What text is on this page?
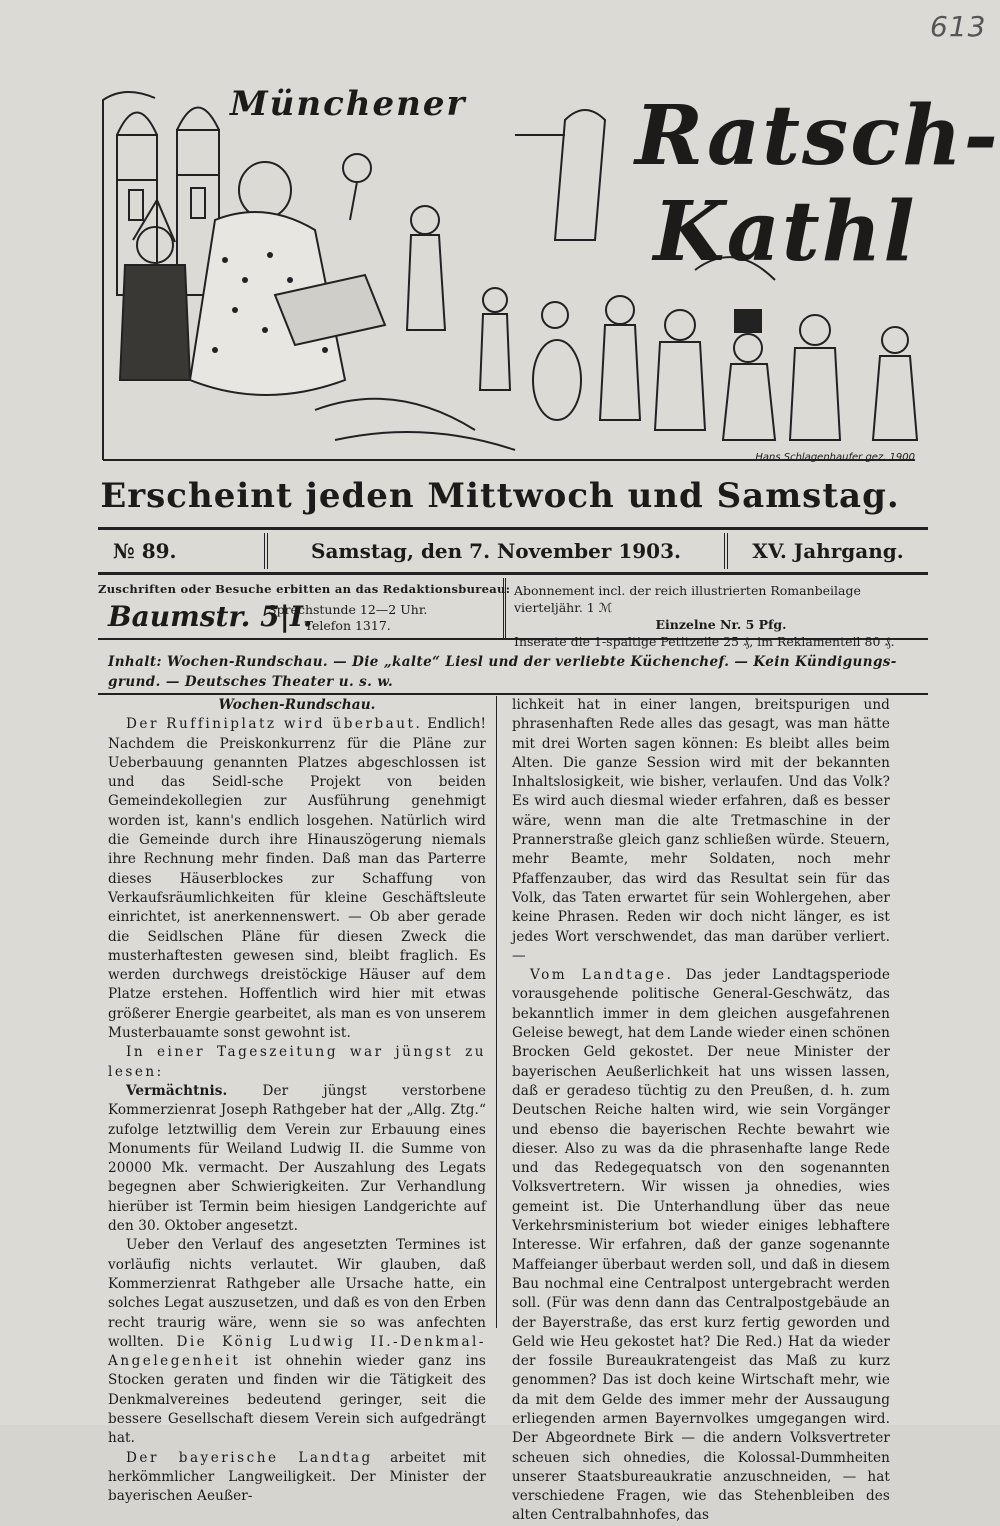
613
Münchener Ratsch-
Kathl
Hans Schlagenhaufer gez. 1900
Erscheint jeden Mittwoch und Samstag.
№ 89.	Samstag, den 7. November 1903.	XV. Jahrgang.
Zuschriften oder Besuche erbitten an das Redaktionsbureau:
Baumstr. 5|I.
Sprechstunde 12—2 Uhr.
Telefon 1317.
Abonnement incl. der reich illustrierten Romanbeilage vierteljähr. 1 ℳ
Einzelne Nr. 5 Pfg.
Inserate die 1-spaltige Petitzeile 25 ₰, im Reklamenteil 80 ₰.
Inhalt: Wochen-Rundschau. — Die „kalte“ Liesl und der verliebte Küchenchef. — Kein Kündigungs-
grund. — Deutsches Theater u. s. w.

Wochen-Rundschau.

Der Ruffiniplatz wird überbaut. Endlich! Nachdem die Preiskonkurrenz für die Pläne zur Ueberbauung genannten Platzes abgeschlossen ist und das Seidl-sche Projekt von beiden Gemeindekollegien zur Ausführung genehmigt worden ist, kann's endlich losgehen. Natürlich wird die Gemeinde durch ihre Hinauszögerung niemals ihre Rechnung mehr finden. Daß man das Parterre dieses Häuserblockes zur Schaffung von Verkaufsräumlichkeiten für kleine Geschäftsleute einrichtet, ist anerkennenswert. — Ob aber gerade die Seidlschen Pläne für diesen Zweck die musterhaftesten gewesen sind, bleibt fraglich. Es werden durchwegs dreistöckige Häuser auf dem Platze erstehen. Hoffentlich wird hier mit etwas größerer Energie gearbeitet, als man es von unserem Musterbauamte sonst gewohnt ist.

In einer Tageszeitung war jüngst zu lesen:

Vermächtnis.	Der jüngst verstorbene Kommerzienrat Joseph Rathgeber hat der „Allg. Ztg.“ zufolge letztwillig dem Verein zur Erbauung eines Monuments für Weiland Ludwig II. die Summe von 20000 Mk. vermacht. Der Auszahlung des Legats begegnen aber Schwierigkeiten. Zur Verhandlung hierüber ist Termin beim hiesigen Landgerichte auf den 30. Oktober angesetzt.

Ueber den Verlauf des angesetzten Termines ist vorläufig nichts verlautet. Wir glauben, daß Kommerzienrat Rathgeber alle Ursache hatte, ein solches Legat auszusetzen, und daß es von den Erben recht traurig wäre, wenn sie so was anfechten wollten. Die König Ludwig II.-Denkmal-Angelegenheit ist ohnehin wieder ganz ins Stocken geraten und finden wir die Tätigkeit des Denkmalvereines bedeutend geringer, seit die bessere Gesellschaft diesem Verein sich aufgedrängt hat.

Der bayerische Landtag arbeitet mit herkömmlicher Langweiligkeit. Der Minister der bayerischen Aeußer-

lichkeit hat in einer langen, breitspurigen und phrasenhaften Rede alles das gesagt, was man hätte mit drei Worten sagen können: Es bleibt alles beim Alten. Die ganze Session wird mit der bekannten Inhaltslosigkeit, wie bisher, verlaufen. Und das Volk? Es wird auch diesmal wieder erfahren, daß es besser wäre, wenn man die alte Tretmaschine in der Prannerstraße gleich ganz schließen würde. Steuern, mehr Beamte, mehr Soldaten, noch mehr Pfaffenzauber, das wird das Resultat sein für das Volk, das Taten erwartet für sein Wohlergehen, aber keine Phrasen. Reden wir doch nicht länger, es ist jedes Wort verschwendet, das man darüber verliert. —

Vom Landtage. Das jeder Landtagsperiode vorausgehende politische General-Geschwätz, das bekanntlich immer in dem gleichen ausgefahrenen Geleise bewegt, hat dem Lande wieder einen schönen Brocken Geld gekostet. Der neue Minister der bayerischen Aeußerlichkeit hat uns wissen lassen, daß er geradeso tüchtig zu den Preußen, d. h. zum Deutschen Reiche halten wird, wie sein Vorgänger und ebenso die bayerischen Rechte bewahrt wie dieser. Also zu was da die phrasenhafte lange Rede und das Redegequatsch von den sogenannten Volksvertretern. Wir wissen ja ohnedies, wies gemeint ist. Die Unterhandlung über das neue Verkehrsministerium bot wieder einiges lebhaftere Interesse. Wir erfahren, daß der ganze sogenannte Maffeianger überbaut werden soll, und daß in diesem Bau nochmal eine Centralpost untergebracht werden soll. (Für was denn dann das Centralpostgebäude an der Bayerstraße, das erst kurz fertig geworden und Geld wie Heu gekostet hat? Die Red.) Hat da wieder der fossile Bureaukratengeist das Maß zu kurz genommen? Das ist doch keine Wirtschaft mehr, wie da mit dem Gelde des immer mehr der Aussaugung erliegenden armen Bayernvolkes umgegangen wird. Der Abgeordnete Birk — die andern Volksvertreter scheuen sich ohnedies, die Kolossal-Dummheiten unserer Staatsbureaukratie anzuschneiden, — hat verschiedene Fragen, wie das Stehenbleiben des alten Centralbahnhofes, das
